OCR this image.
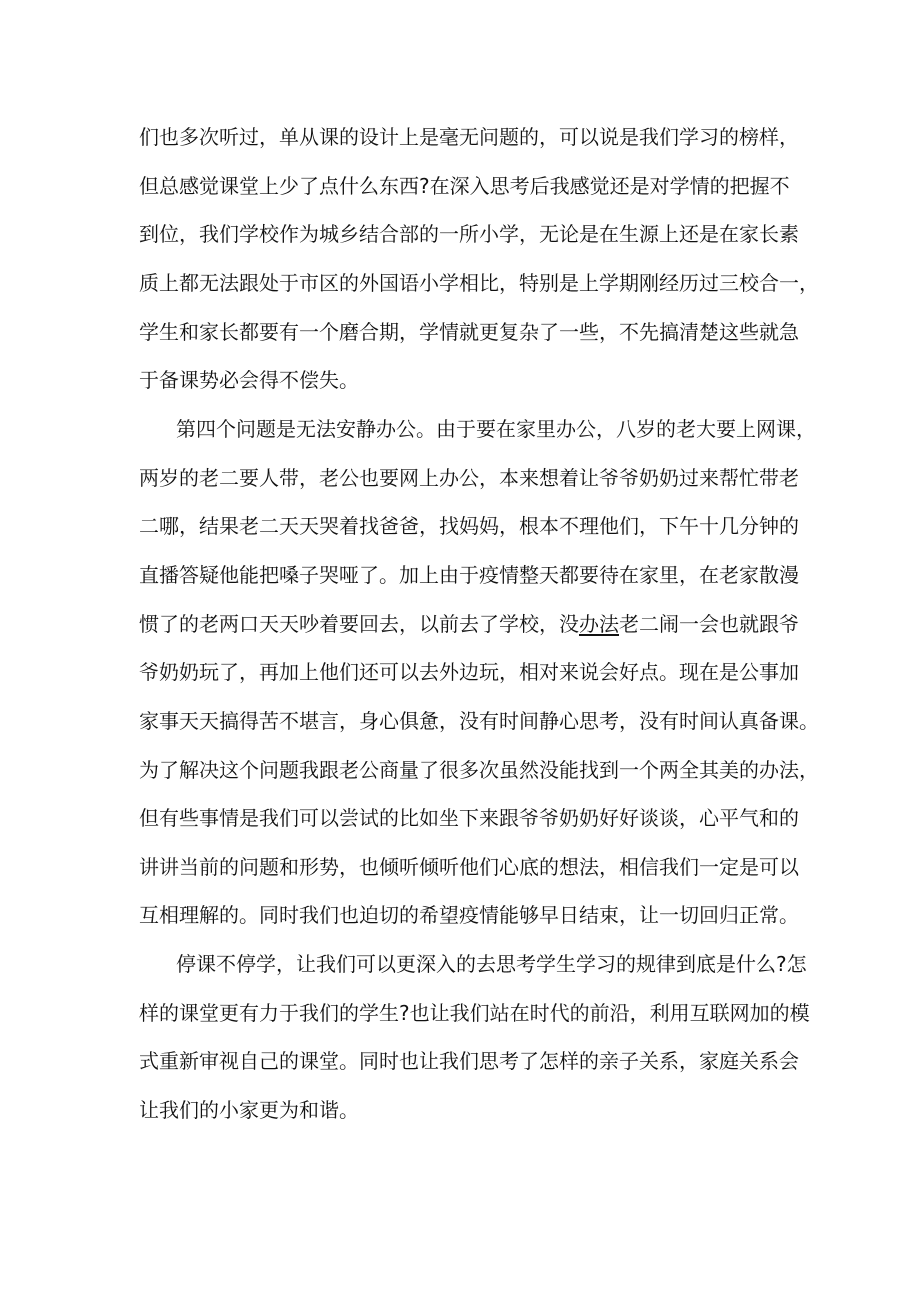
们也多次听过，单从课的设计上是毫无问题的，可以说是我们学习的榜样，
但总感觉课堂上少了点什么东西?在深入思考后我感觉还是对学情的把握不
到位，我们学校作为城乡结合部的一所小学，无论是在生源上还是在家长素
质上都无法跟处于市区的外国语小学相比，特别是上学期刚经历过三校合一，
学生和家长都要有一个磨合期，学情就更复杂了一些，不先搞清楚这些就急
于备课势必会得不偿失。
第四个问题是无法安静办公。由于要在家里办公，八岁的老大要上网课，
两岁的老二要人带，老公也要网上办公，本来想着让爷爷奶奶过来帮忙带老
二哪，结果老二天天哭着找爸爸，找妈妈，根本不理他们，下午十几分钟的
直播答疑他能把嗓子哭哑了。加上由于疫情整天都要待在家里，在老家散漫
惯了的老两口天天吵着要回去，以前去了学校，没办法老二闹一会也就跟爷
爷奶奶玩了，再加上他们还可以去外边玩，相对来说会好点。现在是公事加
家事天天搞得苦不堪言，身心俱惫，没有时间静心思考，没有时间认真备课。
为了解决这个问题我跟老公商量了很多次虽然没能找到一个两全其美的办法，
但有些事情是我们可以尝试的比如坐下来跟爷爷奶奶好好谈谈，心平气和的
讲讲当前的问题和形势，也倾听倾听他们心底的想法，相信我们一定是可以
互相理解的。同时我们也迫切的希望疫情能够早日结束，让一切回归正常。
停课不停学，让我们可以更深入的去思考学生学习的规律到底是什么?怎
样的课堂更有力于我们的学生?也让我们站在时代的前沿，利用互联网加的模
式重新审视自己的课堂。同时也让我们思考了怎样的亲子关系，家庭关系会
让我们的小家更为和谐。
